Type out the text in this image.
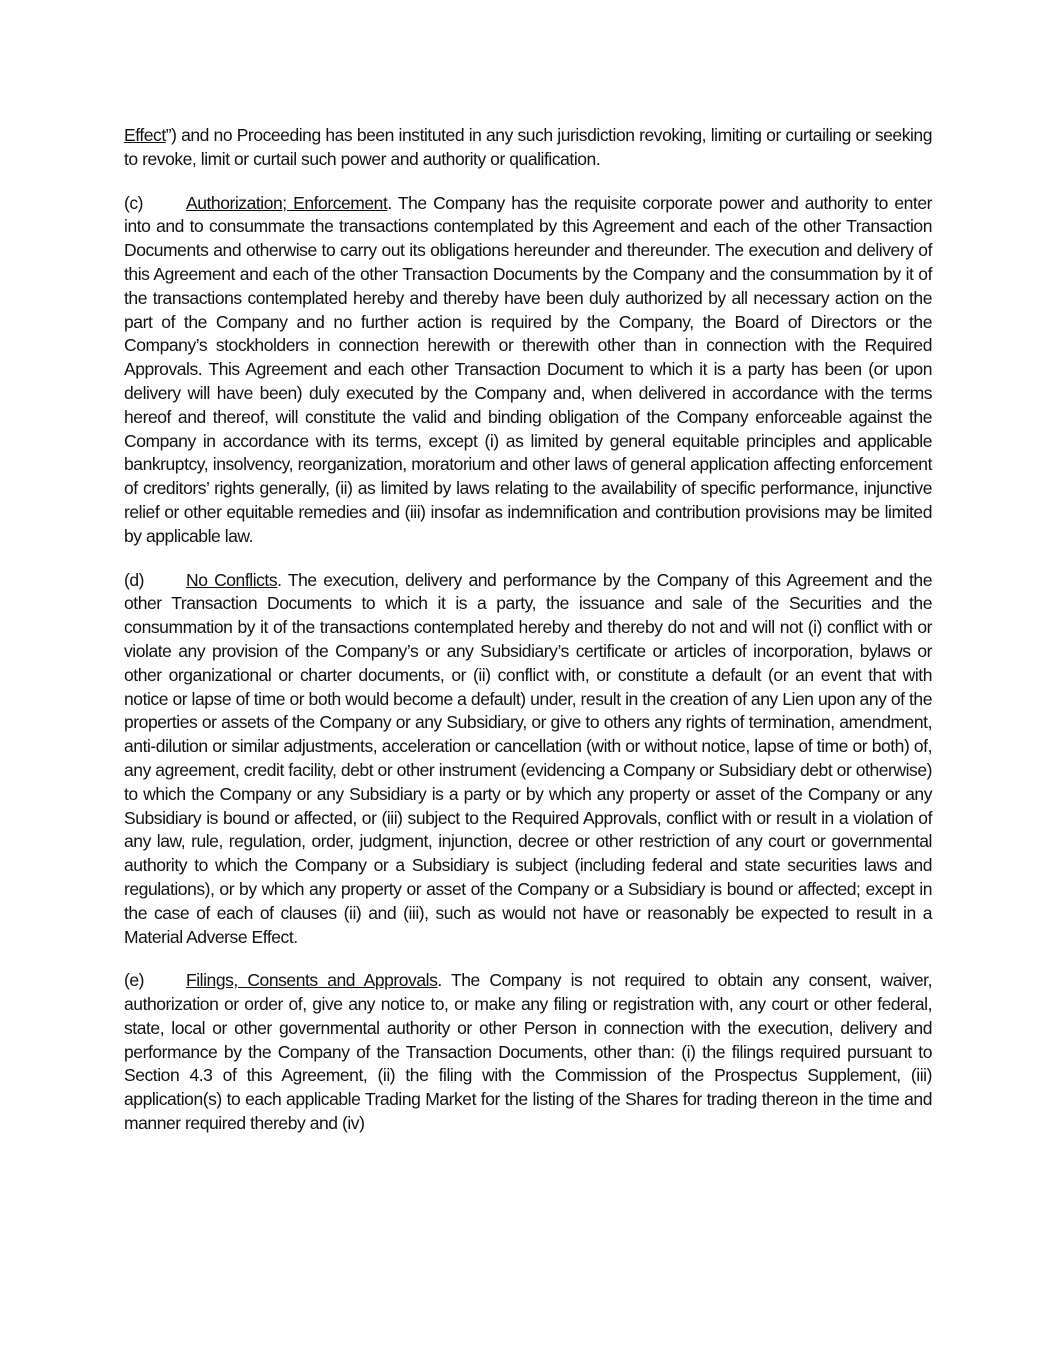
Effect”) and no Proceeding has been instituted in any such jurisdiction revoking, limiting or curtailing or seeking to revoke, limit or curtail such power and authority or qualification.

(c) Authorization; Enforcement. The Company has the requisite corporate power and authority to enter into and to consummate the transactions contemplated by this Agreement and each of the other Transaction Documents and otherwise to carry out its obligations hereunder and thereunder. The execution and delivery of this Agreement and each of the other Transaction Documents by the Company and the consummation by it of the transactions contemplated hereby and thereby have been duly authorized by all necessary action on the part of the Company and no further action is required by the Company, the Board of Directors or the Company’s stockholders in connection herewith or therewith other than in connection with the Required Approvals. This Agreement and each other Transaction Document to which it is a party has been (or upon delivery will have been) duly executed by the Company and, when delivered in accordance with the terms hereof and thereof, will constitute the valid and binding obligation of the Company enforceable against the Company in accordance with its terms, except (i) as limited by general equitable principles and applicable bankruptcy, insolvency, reorganization, moratorium and other laws of general application affecting enforcement of creditors’ rights generally, (ii) as limited by laws relating to the availability of specific performance, injunctive relief or other equitable remedies and (iii) insofar as indemnification and contribution provisions may be limited by applicable law.

(d) No Conflicts. The execution, delivery and performance by the Company of this Agreement and the other Transaction Documents to which it is a party, the issuance and sale of the Securities and the consummation by it of the transactions contemplated hereby and thereby do not and will not (i) conflict with or violate any provision of the Company’s or any Subsidiary’s certificate or articles of incorporation, bylaws or other organizational or charter documents, or (ii) conflict with, or constitute a default (or an event that with notice or lapse of time or both would become a default) under, result in the creation of any Lien upon any of the properties or assets of the Company or any Subsidiary, or give to others any rights of termination, amendment, anti-dilution or similar adjustments, acceleration or cancellation (with or without notice, lapse of time or both) of, any agreement, credit facility, debt or other instrument (evidencing a Company or Subsidiary debt or otherwise) to which the Company or any Subsidiary is a party or by which any property or asset of the Company or any Subsidiary is bound or affected, or (iii) subject to the Required Approvals, conflict with or result in a violation of any law, rule, regulation, order, judgment, injunction, decree or other restriction of any court or governmental authority to which the Company or a Subsidiary is subject (including federal and state securities laws and regulations), or by which any property or asset of the Company or a Subsidiary is bound or affected; except in the case of each of clauses (ii) and (iii), such as would not have or reasonably be expected to result in a Material Adverse Effect.

(e) Filings, Consents and Approvals. The Company is not required to obtain any consent, waiver, authorization or order of, give any notice to, or make any filing or registration with, any court or other federal, state, local or other governmental authority or other Person in connection with the execution, delivery and performance by the Company of the Transaction Documents, other than: (i) the filings required pursuant to Section 4.3 of this Agreement, (ii) the filing with the Commission of the Prospectus Supplement, (iii) application(s) to each applicable Trading Market for the listing of the Shares for trading thereon in the time and manner required thereby and (iv)
